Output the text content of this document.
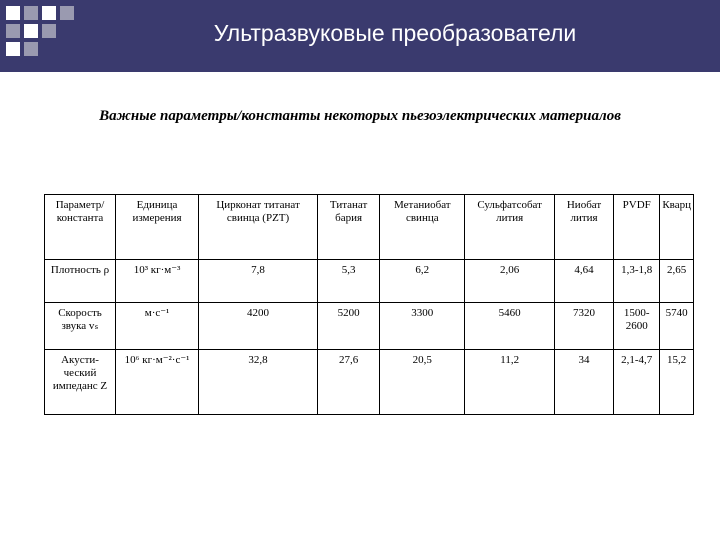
Ультразвуковые преобразователи
Важные параметры/константы некоторых пьезоэлектрических материалов
Параметр/ константа	Единица измерения	Цирконат титанат свинца (PZT)	Титанат бария	Метаниобат свинца	Сульфатсобат лития	Ниобат лития	PVDF	Кварц
Плотность ρ	10³ кг·м⁻³	7,8	5,3	6,2	2,06	4,64	1,3-1,8	2,65
Скорость звука vₛ	м·с⁻¹	4200	5200	3300	5460	7320	1500-2600	5740
Акусти-ческий импеданс Z	10⁶ кг·м⁻²·с⁻¹	32,8	27,6	20,5	11,2	34	2,1-4,7	15,2
